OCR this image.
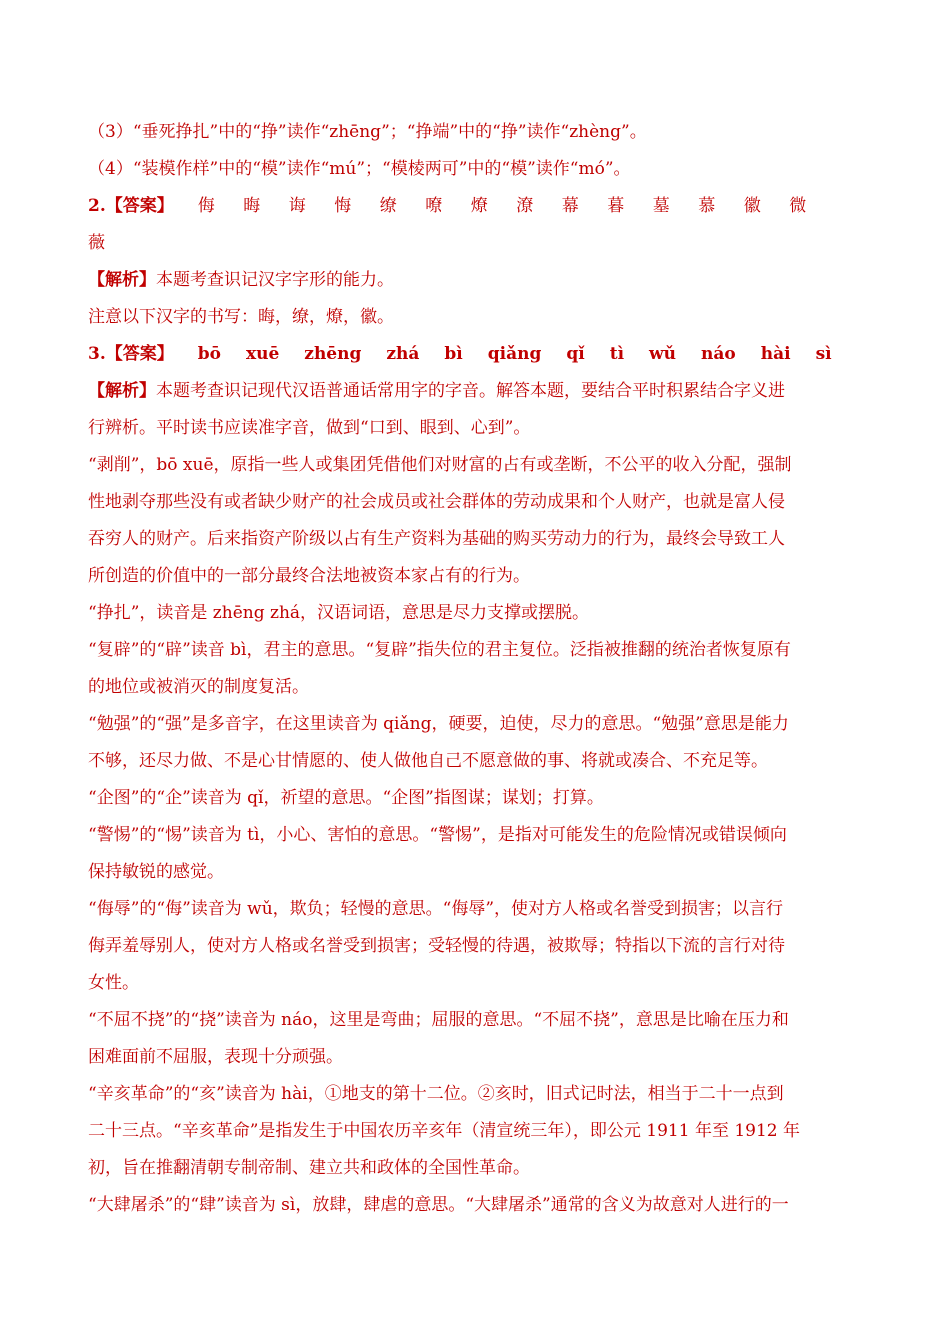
（3）“垂死挣扎”中的“挣”读作“zhēng”；“挣端”中的“挣”读作“zhèng”。
（4）“装模作样”中的“模”读作“mú”；“模棱两可”中的“模”读作“mó”。
2.【答案】 侮	晦	诲	悔	缭	嘹	燎	潦	幕	暮	墓	慕	徽	微
薇
【解析】本题考查识记汉字字形的能力。
注意以下汉字的书写：晦，缭，燎，徽。
3.【答案】 bō xuē zhēng zhá bì qiǎng qǐ tì wǔ náo hài sì
【解析】本题考查识记现代汉语普通话常用字的字音。解答本题，要结合平时积累结合字义进
行辨析。平时读书应读准字音，做到“口到、眼到、心到”。
“剥削”，bō xuē，原指一些人或集团凭借他们对财富的占有或垄断，不公平的收入分配，强制
性地剥夺那些没有或者缺少财产的社会成员或社会群体的劳动成果和个人财产，也就是富人侵
吞穷人的财产。后来指资产阶级以占有生产资料为基础的购买劳动力的行为，最终会导致工人
所创造的价值中的一部分最终合法地被资本家占有的行为。
“挣扎”，读音是 zhēng zhá，汉语词语，意思是尽力支撑或摆脱。
“复辟”的“辟”读音 bì，君主的意思。“复辟”指失位的君主复位。泛指被推翻的统治者恢复原有
的地位或被消灭的制度复活。
“勉强”的“强”是多音字，在这里读音为 qiǎng，硬要，迫使，尽力的意思。“勉强”意思是能力
不够，还尽力做、不是心甘情愿的、使人做他自己不愿意做的事、将就或凑合、不充足等。
“企图”的“企”读音为 qǐ，祈望的意思。“企图”指图谋；谋划；打算。
“警惕”的“惕”读音为 tì，小心、害怕的意思。“警惕”，是指对可能发生的危险情况或错误倾向
保持敏锐的感觉。
“侮辱”的“侮”读音为 wǔ，欺负；轻慢的意思。“侮辱”，使对方人格或名誉受到损害；以言行
侮弄羞辱别人，使对方人格或名誉受到损害；受轻慢的待遇，被欺辱；特指以下流的言行对待
女性。
“不屈不挠”的“挠”读音为 náo，这里是弯曲；屈服的意思。“不屈不挠”，意思是比喻在压力和
困难面前不屈服，表现十分顽强。
“辛亥革命”的“亥”读音为 hài，①地支的第十二位。②亥时，旧式记时法，相当于二十一点到
二十三点。“辛亥革命”是指发生于中国农历辛亥年（清宣统三年），即公元 1911 年至 1912 年
初，旨在推翻清朝专制帝制、建立共和政体的全国性革命。
“大肆屠杀”的“肆”读音为 sì，放肆，肆虐的意思。“大肆屠杀”通常的含义为故意对人进行的一
